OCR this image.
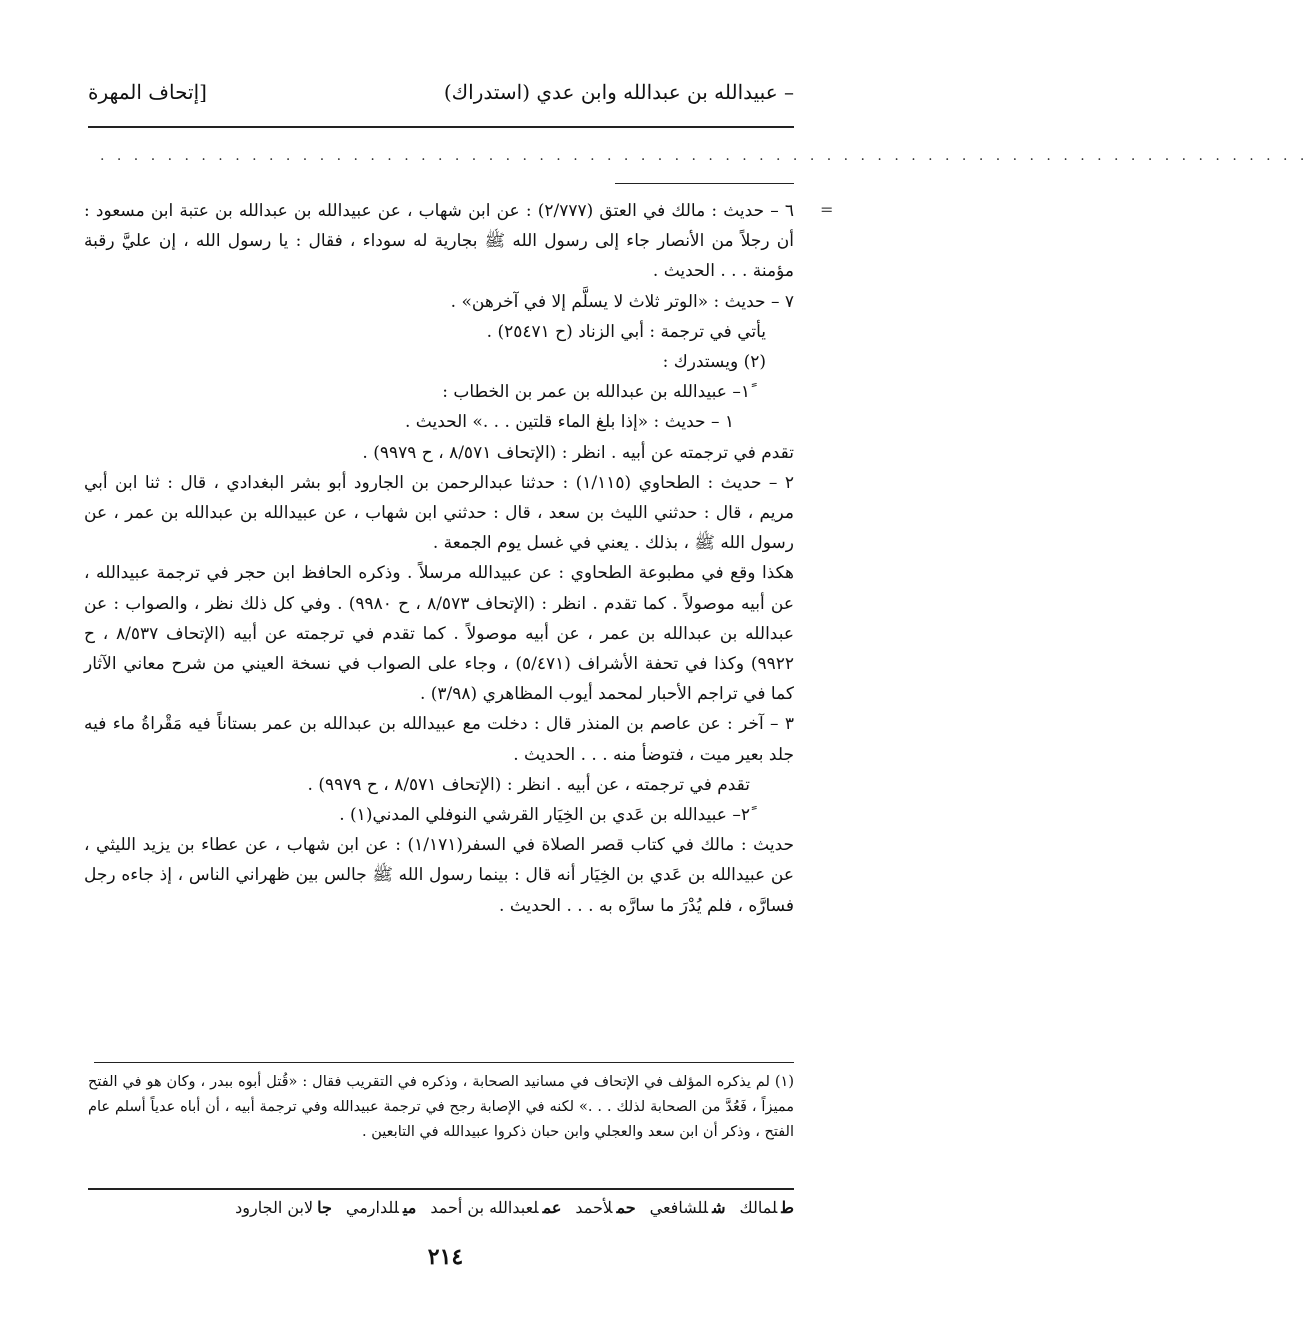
– عبيدالله بن عبدالله وابن عدي (استدراك)
[إتحاف المهرة
. . . . . . . . . . . . . . . . . . . . . . . . . . . . . . . . . . . . . . . . . . . . . . . . . . . . . . . . . . . . . . . . . . . . . . . .
=

٦ – حديث : مالك في العتق (٢/٧٧٧) : عن ابن شهاب ، عن عبيدالله بن عبدالله بن عتبة ابن مسعود : أن رجلاً من الأنصار جاء إلى رسول الله ﷺ بجارية له سوداء ، فقال : يا رسول الله ، إن عليَّ رقبة مؤمنة . . . الحديث .

٧ – حديث : «الوتر ثلاث لا يسلَّم إلا في آخرهن» .

يأتي في ترجمة : أبي الزناد (ح ٢٥٤٧١) .

(٢) ويستدرك :

١ً– عبيدالله بن عبدالله بن عمر بن الخطاب :

١ – حديث : «إذا بلغ الماء قلتين . . .» الحديث .

تقدم في ترجمته عن أبيه . انظر : (الإتحاف ٨/٥٧١ ، ح ٩٩٧٩) .

٢ – حديث : الطحاوي (١/١١٥) : حدثنا عبدالرحمن بن الجارود أبو بشر البغدادي ، قال : ثنا ابن أبي مريم ، قال : حدثني الليث بن سعد ، قال : حدثني ابن شهاب ، عن عبيدالله بن عبدالله بن عمر ، عن رسول الله ﷺ ، بذلك . يعني في غسل يوم الجمعة .

هكذا وقع في مطبوعة الطحاوي : عن عبيدالله مرسلاً . وذكره الحافظ ابن حجر في ترجمة عبيدالله ، عن أبيه موصولاً . كما تقدم . انظر : (الإتحاف ٨/٥٧٣ ، ح ٩٩٨٠) . وفي كل ذلك نظر ، والصواب : عن عبدالله بن عبدالله بن عمر ، عن أبيه موصولاً . كما تقدم في ترجمته عن أبيه (الإتحاف ٨/٥٣٧ ، ح ٩٩٢٢) وكذا في تحفة الأشراف (٥/٤٧١) ، وجاء على الصواب في نسخة العيني من شرح معاني الآثار كما في تراجم الأحبار لمحمد أيوب المظاهري (٣/٩٨) .

٣ – آخر : عن عاصم بن المنذر قال : دخلت مع عبيدالله بن عبدالله بن عمر بستاناً فيه مَقْراةُ ماء فيه جلد بعير ميت ، فتوضأ منه . . . الحديث .

تقدم في ترجمته ، عن أبيه . انظر : (الإتحاف ٨/٥٧١ ، ح ٩٩٧٩) .

٢ً– عبيدالله بن عَدي بن الخِيَار القرشي النوفلي المدني(١) .

حديث : مالك في كتاب قصر الصلاة في السفر(١/١٧١) : عن ابن شهاب ، عن عطاء بن يزيد الليثي ، عن عبيدالله بن عَدي بن الخِيَار أنه قال : بينما رسول الله ﷺ جالس بين ظهراني الناس ، إذ جاءه رجل فسارَّه ، فلم يُدْرَ ما سارَّه به . . . الحديث .

(١) لم يذكره المؤلف في الإتحاف في مسانيد الصحابة ، وذكره في التقريب فقال : «قُتل أبوه ببدر ، وكان هو في الفتح مميزاً ، فَعُدَّ من الصحابة لذلك . . .» لكنه في الإصابة رجح في ترجمة عبيدالله وفي ترجمة أبيه ، أن أباه عدياً أسلم عام الفتح ، وذكر أن ابن سعد والعجلي وابن حبان ذكروا عبيدالله في التابعين .

طلمالك
شللشافعي
حملأحمد
عملعبدالله بن أحمد
ميللدارمي
جالابن الجارود
٢١٤
